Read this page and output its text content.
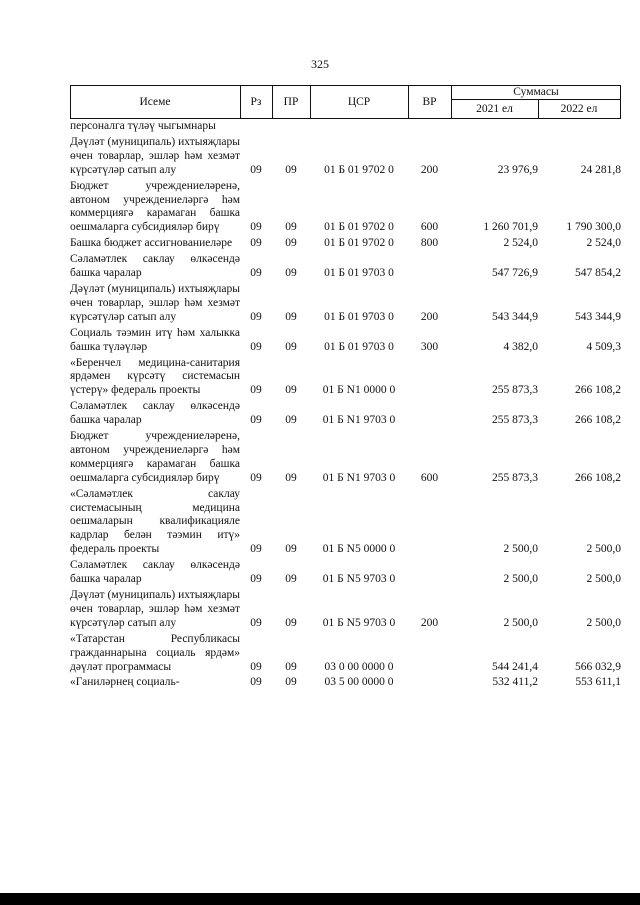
325
Исеме	Рз	ПР	ЦСР	ВР
Суммасы
2021 ел	2022 ел
персоналга түләү чыгымнары						
Дәүләт (муниципаль) ихтыяҗлары өчен товарлар, эшләр һәм хезмәт күрсәтүләр сатып алу	09	09	01 Б 01 9702 0	200	23 976,9	24 281,8
Бюджет учреждениеләренә, автоном учреждениеләргә һәм коммерциягә карамаган башка оешмаларга субсидияләр бирү	09	09	01 Б 01 9702 0	600	1 260 701,9	1 790 300,0
Башка бюджет ассигнованиеләре	09	09	01 Б 01 9702 0	800	2 524,0	2 524,0
Сәламәтлек саклау өлкәсендә башка чаралар	09	09	01 Б 01 9703 0		547 726,9	547 854,2
Дәүләт (муниципаль) ихтыяҗлары өчен товарлар, эшләр һәм хезмәт күрсәтүләр сатып алу	09	09	01 Б 01 9703 0	200	543 344,9	543 344,9
Социаль тәэмин итү һәм халыкка башка түләүләр	09	09	01 Б 01 9703 0	300	4 382,0	4 509,3
«Беренчел медицина-санитария ярдәмен күрсәтү системасын үстерү» федераль проекты	09	09	01 Б N1 0000 0		255 873,3	266 108,2
Сәламәтлек саклау өлкәсендә башка чаралар	09	09	01 Б N1 9703 0		255 873,3	266 108,2
Бюджет учреждениеләренә, автоном учреждениеләргә һәм коммерциягә карамаган башка оешмаларга субсидияләр бирү	09	09	01 Б N1 9703 0	600	255 873,3	266 108,2
«Сәламәтлек саклау системасының медицина оешмаларын квалификацияле кадрлар белән тәэмин итү» федераль проекты	09	09	01 Б N5 0000 0		2 500,0	2 500,0
Сәламәтлек саклау өлкәсендә башка чаралар	09	09	01 Б N5 9703 0		2 500,0	2 500,0
Дәүләт (муниципаль) ихтыяҗлары өчен товарлар, эшләр һәм хезмәт күрсәтүләр сатып алу	09	09	01 Б N5 9703 0	200	2 500,0	2 500,0
«Татарстан Республикасы гражданнарына социаль ярдәм» дәүләт программасы	09	09	03 0 00 0000 0		544 241,4	566 032,9
«Ганиләрнең социаль-	09	09	03 5 00 0000 0		532 411,2	553 611,1
